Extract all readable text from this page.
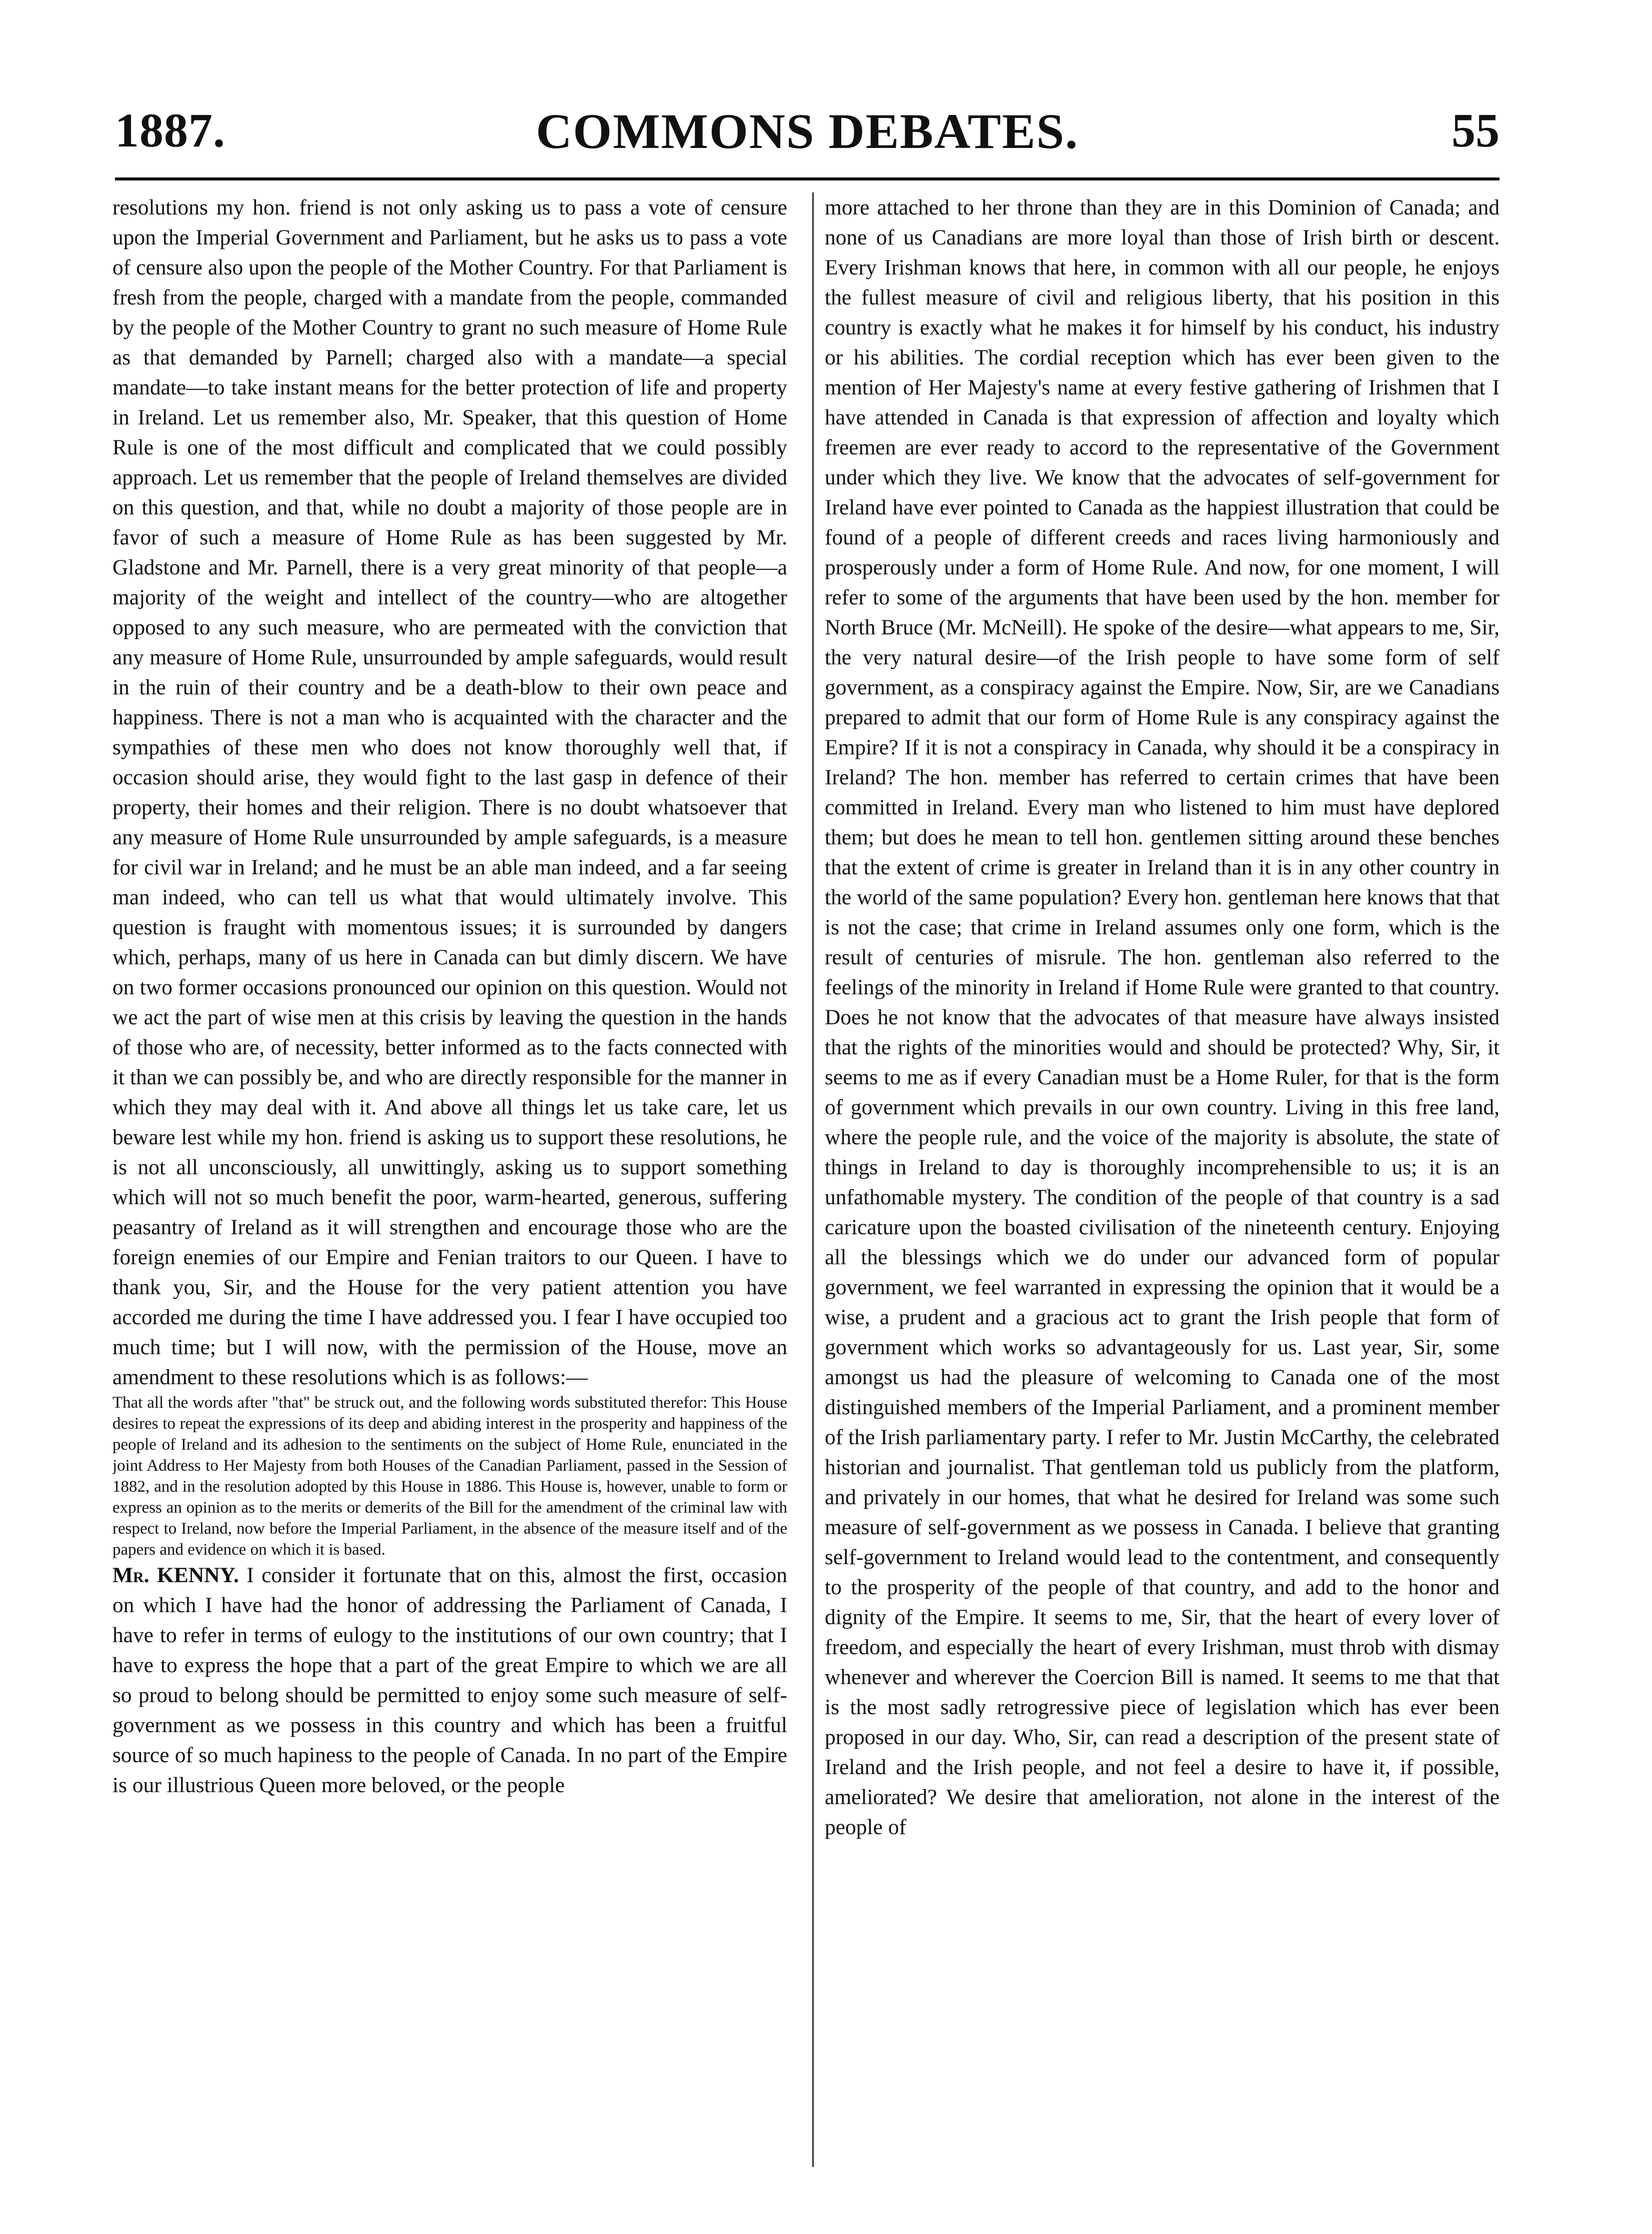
1887.	COMMONS DEBATES.	55

resolutions my hon. friend is not only asking us to pass a vote of censure upon the Imperial Government and Parliament, but he asks us to pass a vote of censure also upon the people of the Mother Country. For that Parliament is fresh from the people, charged with a mandate from the people, commanded by the people of the Mother Country to grant no such measure of Home Rule as that demanded by Parnell; charged also with a mandate—a special mandate—to take instant means for the better protection of life and property in Ireland. Let us remember also, Mr. Speaker, that this question of Home Rule is one of the most difficult and complicated that we could possibly approach. Let us remember that the people of Ireland themselves are divided on this question, and that, while no doubt a majority of those people are in favor of such a measure of Home Rule as has been suggested by Mr. Gladstone and Mr. Parnell, there is a very great minority of that people—a majority of the weight and intellect of the country—who are altogether opposed to any such measure, who are permeated with the conviction that any measure of Home Rule, unsurrounded by ample safeguards, would result in the ruin of their country and be a death-blow to their own peace and happiness. There is not a man who is acquainted with the character and the sympathies of these men who does not know thoroughly well that, if occasion should arise, they would fight to the last gasp in defence of their property, their homes and their religion. There is no doubt whatsoever that any measure of Home Rule unsurrounded by ample safeguards, is a measure for civil war in Ireland; and he must be an able man indeed, and a far seeing man indeed, who can tell us what that would ultimately involve. This question is fraught with momentous issues; it is surrounded by dangers which, perhaps, many of us here in Canada can but dimly discern. We have on two former occasions pronounced our opinion on this question. Would not we act the part of wise men at this crisis by leaving the question in the hands of those who are, of necessity, better informed as to the facts connected with it than we can possibly be, and who are directly responsible for the manner in which they may deal with it. And above all things let us take care, let us beware lest while my hon. friend is asking us to support these resolutions, he is not all unconsciously, all unwittingly, asking us to support something which will not so much benefit the poor, warm-hearted, generous, suffering peasantry of Ireland as it will strengthen and encourage those who are the foreign enemies of our Empire and Fenian traitors to our Queen. I have to thank you, Sir, and the House for the very patient attention you have accorded me during the time I have addressed you. I fear I have occupied too much time; but I will now, with the permission of the House, move an amendment to these resolutions which is as follows:—

That all the words after "that" be struck out, and the following words substituted therefor: This House desires to repeat the expressions of its deep and abiding interest in the prosperity and happiness of the people of Ireland and its adhesion to the sentiments on the subject of Home Rule, enunciated in the joint Address to Her Majesty from both Houses of the Canadian Parliament, passed in the Session of 1882, and in the resolution adopted by this House in 1886. This House is, however, unable to form or express an opinion as to the merits or demerits of the Bill for the amendment of the criminal law with respect to Ireland, now before the Imperial Parliament, in the absence of the measure itself and of the papers and evidence on which it is based.

Mr. KENNY. I consider it fortunate that on this, almost the first, occasion on which I have had the honor of addressing the Parliament of Canada, I have to refer in terms of eulogy to the institutions of our own country; that I have to express the hope that a part of the great Empire to which we are all so proud to belong should be permitted to enjoy some such measure of self-government as we possess in this country and which has been a fruitful source of so much hapiness to the people of Canada. In no part of the Empire is our illustrious Queen more beloved, or the people

more attached to her throne than they are in this Dominion of Canada; and none of us Canadians are more loyal than those of Irish birth or descent. Every Irishman knows that here, in common with all our people, he enjoys the fullest measure of civil and religious liberty, that his position in this country is exactly what he makes it for himself by his conduct, his industry or his abilities. The cordial reception which has ever been given to the mention of Her Majesty's name at every festive gathering of Irishmen that I have attended in Canada is that expression of affection and loyalty which freemen are ever ready to accord to the representative of the Government under which they live. We know that the advocates of self-government for Ireland have ever pointed to Canada as the happiest illustration that could be found of a people of different creeds and races living harmoniously and prosperously under a form of Home Rule. And now, for one moment, I will refer to some of the arguments that have been used by the hon. member for North Bruce (Mr. McNeill). He spoke of the desire—what appears to me, Sir, the very natural desire—of the Irish people to have some form of self government, as a conspiracy against the Empire. Now, Sir, are we Canadians prepared to admit that our form of Home Rule is any conspiracy against the Empire? If it is not a conspiracy in Canada, why should it be a conspiracy in Ireland? The hon. member has referred to certain crimes that have been committed in Ireland. Every man who listened to him must have deplored them; but does he mean to tell hon. gentlemen sitting around these benches that the extent of crime is greater in Ireland than it is in any other country in the world of the same population? Every hon. gentleman here knows that that is not the case; that crime in Ireland assumes only one form, which is the result of centuries of misrule. The hon. gentleman also referred to the feelings of the minority in Ireland if Home Rule were granted to that country. Does he not know that the advocates of that measure have always insisted that the rights of the minorities would and should be protected? Why, Sir, it seems to me as if every Canadian must be a Home Ruler, for that is the form of government which prevails in our own country. Living in this free land, where the people rule, and the voice of the majority is absolute, the state of things in Ireland to day is thoroughly incomprehensible to us; it is an unfathomable mystery. The condition of the people of that country is a sad caricature upon the boasted civilisation of the nineteenth century. Enjoying all the blessings which we do under our advanced form of popular government, we feel warranted in expressing the opinion that it would be a wise, a prudent and a gracious act to grant the Irish people that form of government which works so advantageously for us. Last year, Sir, some amongst us had the pleasure of welcoming to Canada one of the most distinguished members of the Imperial Parliament, and a prominent member of the Irish parliamentary party. I refer to Mr. Justin McCarthy, the celebrated historian and journalist. That gentleman told us publicly from the platform, and privately in our homes, that what he desired for Ireland was some such measure of self-government as we possess in Canada. I believe that granting self-government to Ireland would lead to the contentment, and consequently to the prosperity of the people of that country, and add to the honor and dignity of the Empire. It seems to me, Sir, that the heart of every lover of freedom, and especially the heart of every Irishman, must throb with dismay whenever and wherever the Coercion Bill is named. It seems to me that that is the most sadly retrogressive piece of legislation which has ever been proposed in our day. Who, Sir, can read a description of the present state of Ireland and the Irish people, and not feel a desire to have it, if possible, ameliorated? We desire that amelioration, not alone in the interest of the people of
